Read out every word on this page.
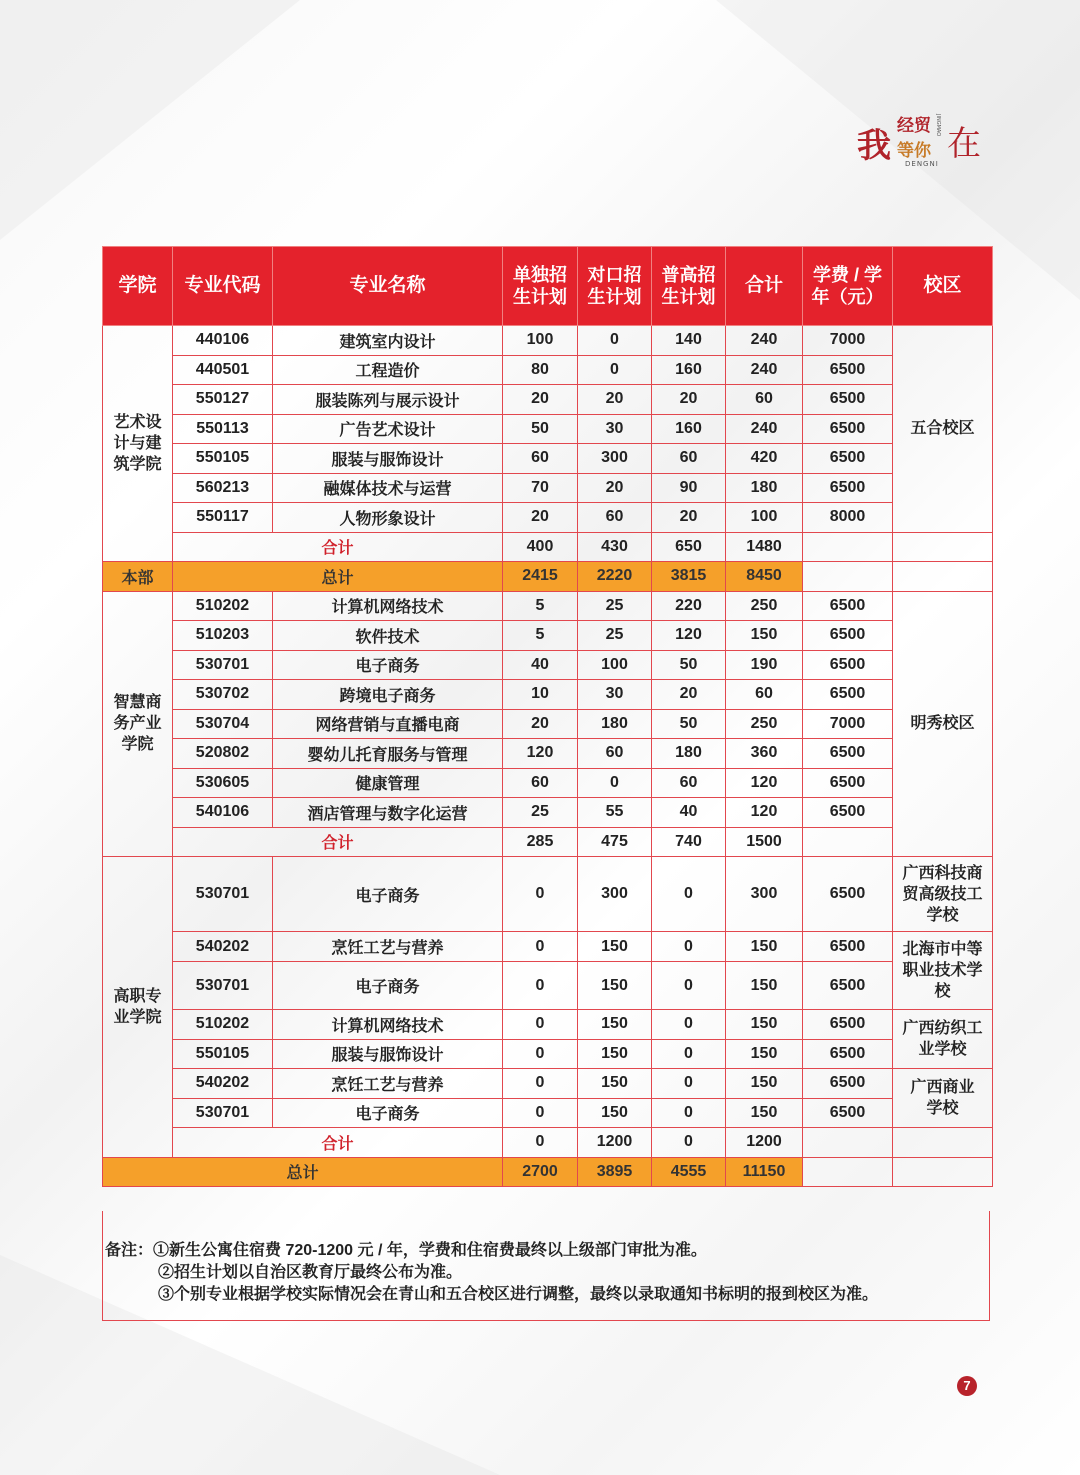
我 经贸
等你
JINGMAO 在
DENGNI
学院	专业代码	专业名称	单独招生计划	对口招生计划	普高招生计划	合计	学费 / 学年（元）	校区
艺术设计与建筑学院	440106	建筑室内设计	100	0	140	240	7000	五合校区
	440501	工程造价	80	0	160	240	6500	
	550127	服装陈列与展示设计	20	20	20	60	6500	
	550113	广告艺术设计	50	30	160	240	6500	
	550105	服装与服饰设计	60	300	60	420	6500	
	560213	融媒体技术与运营	70	20	90	180	6500	
	550117	人物形象设计	20	60	20	100	8000	
	合计		400	430	650	1480		
本部	总计		2415	2220	3815	8450		
智慧商务产业学院	510202	计算机网络技术	5	25	220	250	6500	明秀校区
	510203	软件技术	5	25	120	150	6500	
	530701	电子商务	40	100	50	190	6500	
	530702	跨境电子商务	10	30	20	60	6500	
	530704	网络营销与直播电商	20	180	50	250	7000	
	520802	婴幼儿托育服务与管理	120	60	180	360	6500	
	530605	健康管理	60	0	60	120	6500	
	540106	酒店管理与数字化运营	25	55	40	120	6500	
	合计		285	475	740	1500		
高职专业学院	530701	电子商务	0	300	0	300	6500	广西科技商贸高级技工学校
	540202	烹饪工艺与营养	0	150	0	150	6500	北海市中等职业技术学校
	530701	电子商务	0	150	0	150	6500	
	510202	计算机网络技术	0	150	0	150	6500	广西纺织工业学校
	550105	服装与服饰设计	0	150	0	150	6500	
	540202	烹饪工艺与营养	0	150	0	150	6500	广西商业学校
	530701	电子商务	0	150	0	150	6500	
	合计		0	1200	0	1200		
总计			2700	3895	4555	11150		
备注： ①新生公寓住宿费 720-1200 元 / 年，学费和住宿费最终以上级部门审批为准。
②招生计划以自治区教育厅最终公布为准。
③个别专业根据学校实际情况会在青山和五合校区进行调整，最终以录取通知书标明的报到校区为准。
7
